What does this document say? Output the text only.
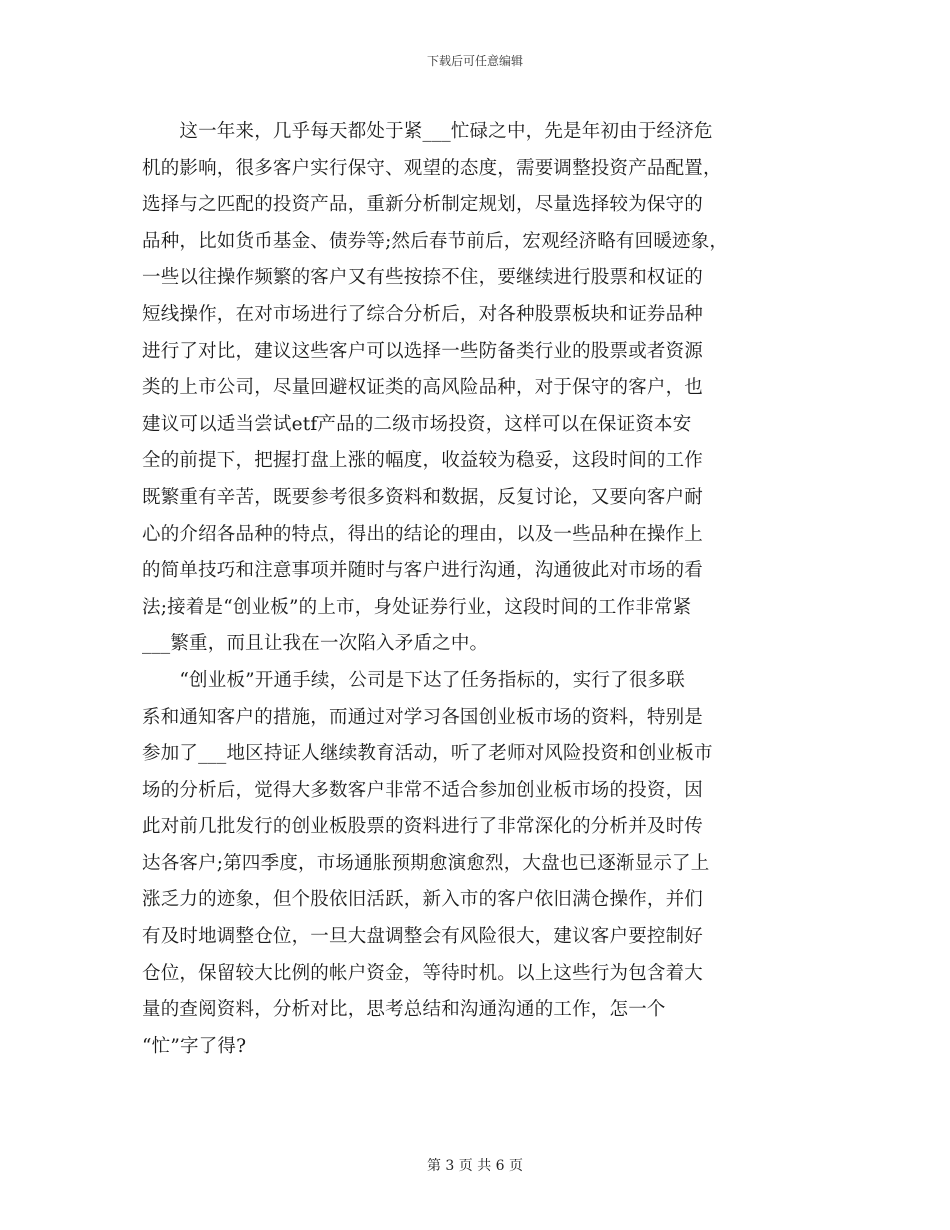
下载后可任意编辑
　　这一年来，几乎每天都处于紧___忙碌之中，先是年初由于经济危
机的影响，很多客户实行保守、观望的态度，需要调整投资产品配置，
选择与之匹配的投资产品，重新分析制定规划，尽量选择较为保守的
品种，比如货币基金、债券等;然后春节前后，宏观经济略有回暖迹象，
一些以往操作频繁的客户又有些按捺不住，要继续进行股票和权证的
短线操作，在对市场进行了综合分析后，对各种股票板块和证券品种
进行了对比，建议这些客户可以选择一些防备类行业的股票或者资源
类的上市公司，尽量回避权证类的高风险品种，对于保守的客户，也
建议可以适当尝试etf产品的二级市场投资，这样可以在保证资本安
全的前提下，把握打盘上涨的幅度，收益较为稳妥，这段时间的工作
既繁重有辛苦，既要参考很多资料和数据，反复讨论，又要向客户耐
心的介绍各品种的特点，得出的结论的理由，以及一些品种在操作上
的简单技巧和注意事项并随时与客户进行沟通，沟通彼此对市场的看
法;接着是“创业板”的上市，身处证券行业，这段时间的工作非常紧
___繁重，而且让我在一次陷入矛盾之中。
　　“创业板”开通手续，公司是下达了任务指标的，实行了很多联
系和通知客户的措施，而通过对学习各国创业板市场的资料，特别是
参加了___地区持证人继续教育活动，听了老师对风险投资和创业板市
场的分析后，觉得大多数客户非常不适合参加创业板市场的投资，因
此对前几批发行的创业板股票的资料进行了非常深化的分析并及时传
达各客户;第四季度，市场通胀预期愈演愈烈，大盘也已逐渐显示了上
涨乏力的迹象，但个股依旧活跃，新入市的客户依旧满仓操作，并们
有及时地调整仓位，一旦大盘调整会有风险很大，建议客户要控制好
仓位，保留较大比例的帐户资金，等待时机。以上这些行为包含着大
量的查阅资料，分析对比，思考总结和沟通沟通的工作，怎一个
“忙”字了得?
第 3 页 共 6 页
